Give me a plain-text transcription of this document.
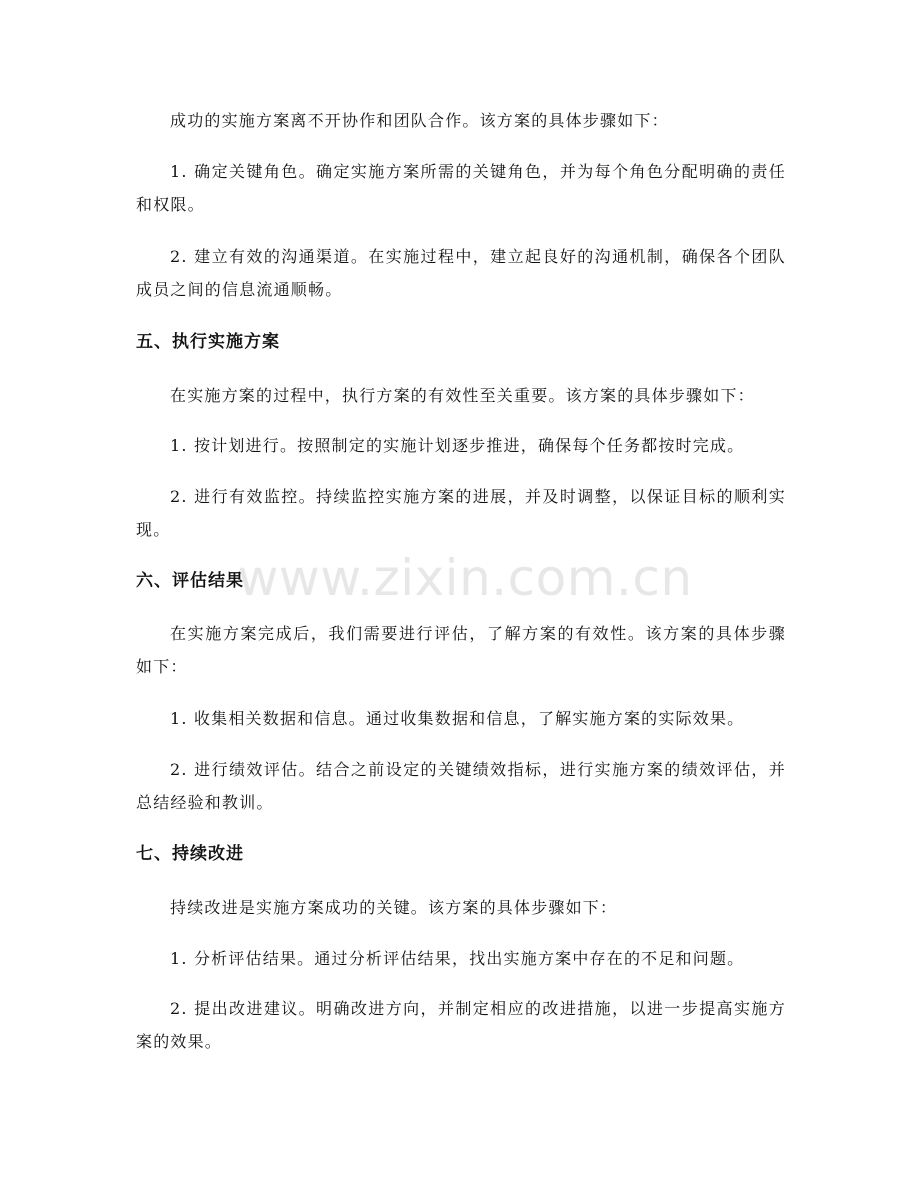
成功的实施方案离不开协作和团队合作。该方案的具体步骤如下：

1. 确定关键角色。确定实施方案所需的关键角色，并为每个角色分配明确的责任和权限。

2. 建立有效的沟通渠道。在实施过程中，建立起良好的沟通机制，确保各个团队成员之间的信息流通顺畅。

五、执行实施方案

在实施方案的过程中，执行方案的有效性至关重要。该方案的具体步骤如下：

1. 按计划进行。按照制定的实施计划逐步推进，确保每个任务都按时完成。

2. 进行有效监控。持续监控实施方案的进展，并及时调整，以保证目标的顺利实现。

六、评估结果

在实施方案完成后，我们需要进行评估，了解方案的有效性。该方案的具体步骤如下：

1. 收集相关数据和信息。通过收集数据和信息，了解实施方案的实际效果。

2. 进行绩效评估。结合之前设定的关键绩效指标，进行实施方案的绩效评估，并总结经验和教训。

七、持续改进

持续改进是实施方案成功的关键。该方案的具体步骤如下：

1. 分析评估结果。通过分析评估结果，找出实施方案中存在的不足和问题。

2. 提出改进建议。明确改进方向，并制定相应的改进措施，以进一步提高实施方案的效果。

www.zixin.com.cn
